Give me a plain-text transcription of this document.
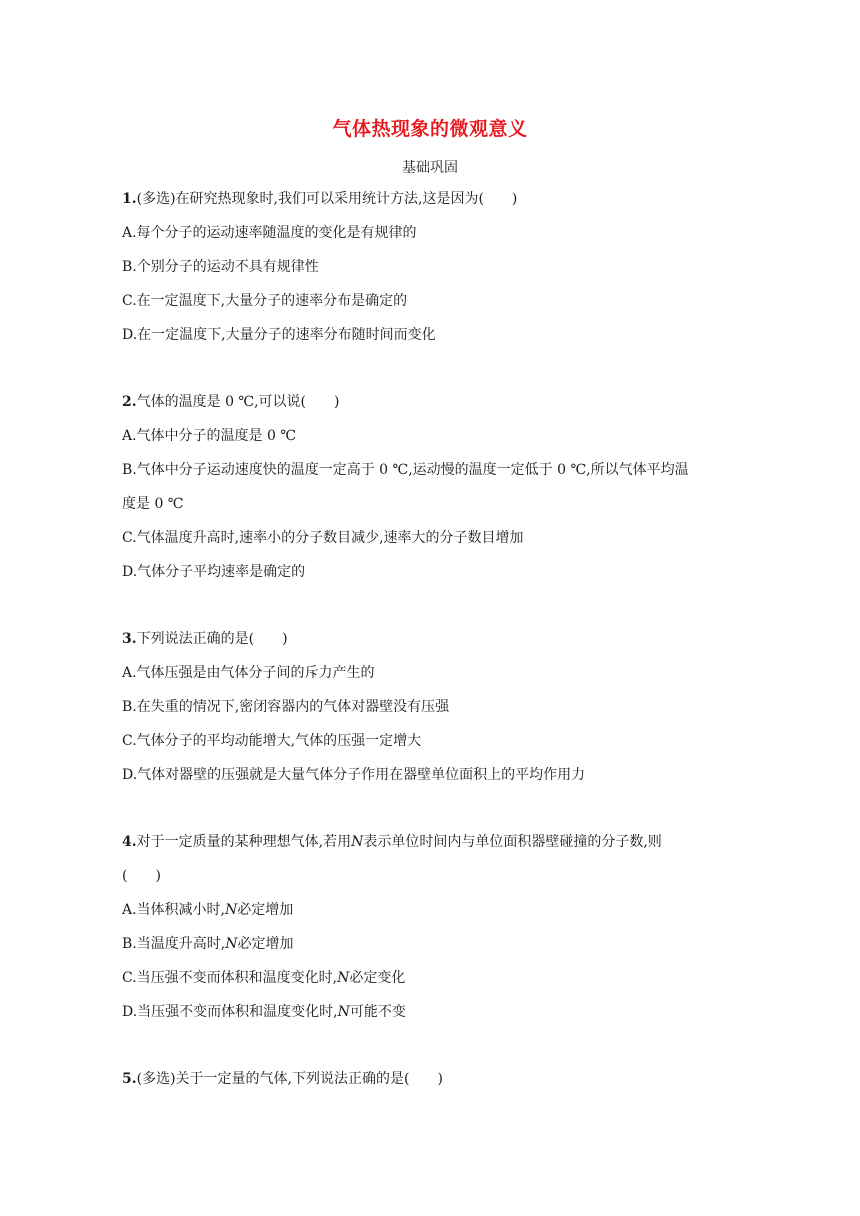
气体热现象的微观意义
基础巩固
1.(多选)在研究热现象时,我们可以采用统计方法,这是因为(　　)
A.每个分子的运动速率随温度的变化是有规律的
B.个别分子的运动不具有规律性
C.在一定温度下,大量分子的速率分布是确定的
D.在一定温度下,大量分子的速率分布随时间而变化
2.气体的温度是 0 ℃,可以说(　　)
A.气体中分子的温度是 0 ℃
B.气体中分子运动速度快的温度一定高于 0 ℃,运动慢的温度一定低于 0 ℃,所以气体平均温
度是 0 ℃
C.气体温度升高时,速率小的分子数目减少,速率大的分子数目增加
D.气体分子平均速率是确定的
3.下列说法正确的是(　　)
A.气体压强是由气体分子间的斥力产生的
B.在失重的情况下,密闭容器内的气体对器壁没有压强
C.气体分子的平均动能增大,气体的压强一定增大
D.气体对器壁的压强就是大量气体分子作用在器壁单位面积上的平均作用力
4.对于一定质量的某种理想气体,若用N表示单位时间内与单位面积器壁碰撞的分子数,则
(　　)
A.当体积减小时,N必定增加
B.当温度升高时,N必定增加
C.当压强不变而体积和温度变化时,N必定变化
D.当压强不变而体积和温度变化时,N可能不变
5.(多选)关于一定量的气体,下列说法正确的是(　　)
